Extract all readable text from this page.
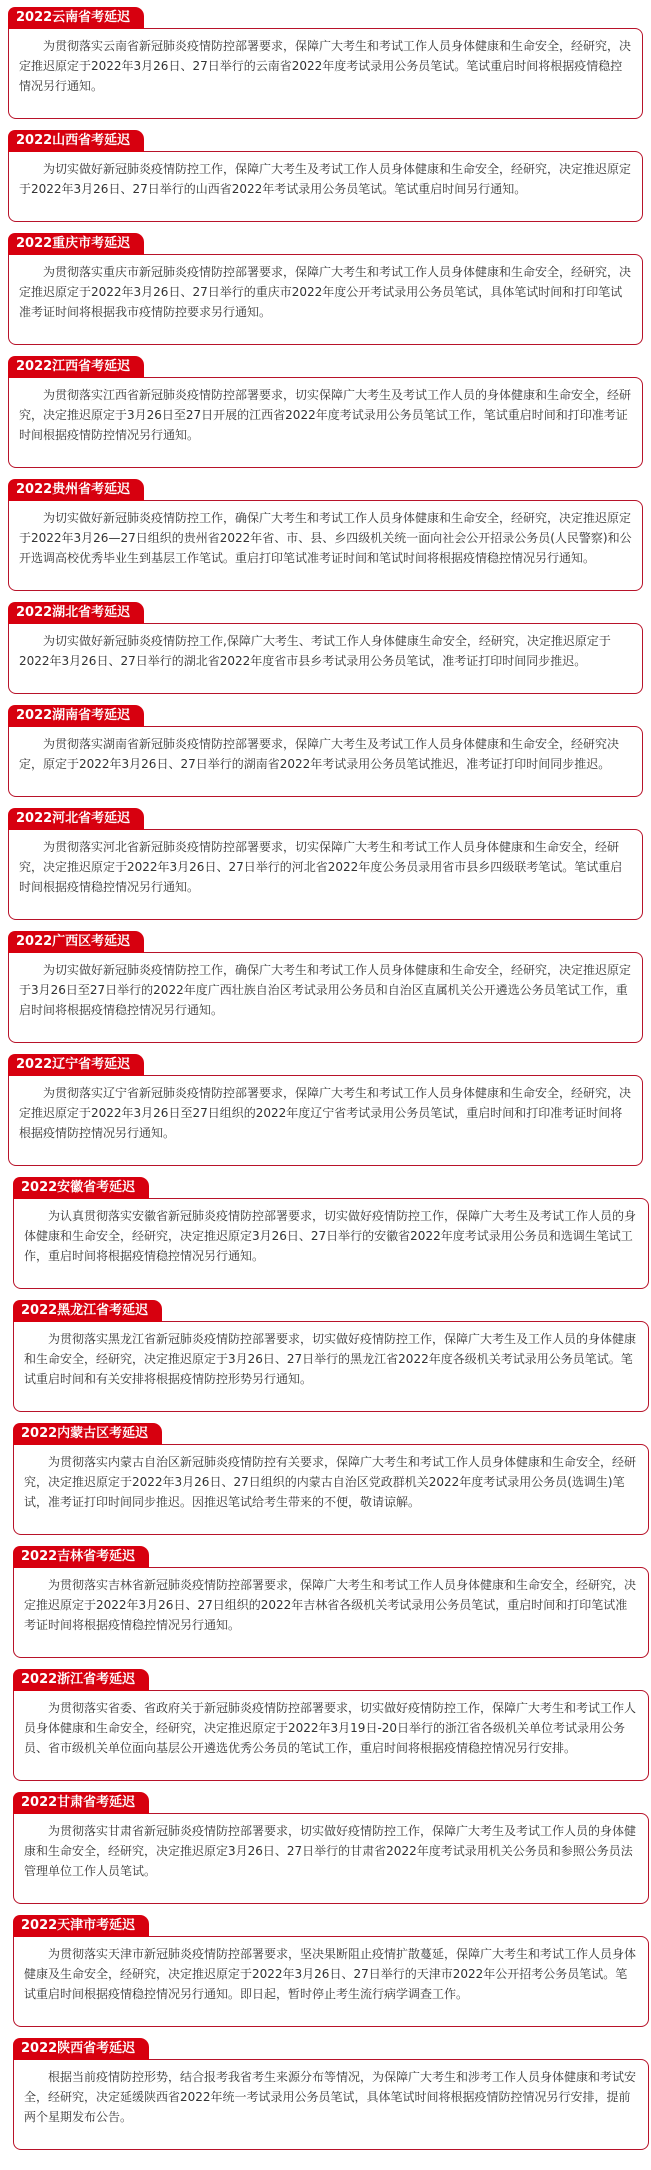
2022云南省考延迟
为贯彻落实云南省新冠肺炎疫情防控部署要求，保障广大考生和考试工作人员身体健康和生命安全，经研究，决定推迟原定于2022年3月26日、27日举行的云南省2022年度考试录用公务员笔试。笔试重启时间将根据疫情稳控情况另行通知。
2022山西省考延迟
为切实做好新冠肺炎疫情防控工作，保障广大考生及考试工作人员身体健康和生命安全，经研究，决定推迟原定于2022年3月26日、27日举行的山西省2022年考试录用公务员笔试。笔试重启时间另行通知。
2022重庆市考延迟
为贯彻落实重庆市新冠肺炎疫情防控部署要求，保障广大考生和考试工作人员身体健康和生命安全，经研究，决定推迟原定于2022年3月26日、27日举行的重庆市2022年度公开考试录用公务员笔试，具体笔试时间和打印笔试准考证时间将根据我市疫情防控要求另行通知。
2022江西省考延迟
为贯彻落实江西省新冠肺炎疫情防控部署要求，切实保障广大考生及考试工作人员的身体健康和生命安全，经研究，决定推迟原定于3月26日至27日开展的江西省2022年度考试录用公务员笔试工作，笔试重启时间和打印准考证时间根据疫情防控情况另行通知。
2022贵州省考延迟
为切实做好新冠肺炎疫情防控工作，确保广大考生和考试工作人员身体健康和生命安全，经研究，决定推迟原定于2022年3月26—27日组织的贵州省2022年省、市、县、乡四级机关统一面向社会公开招录公务员(人民警察)和公开选调高校优秀毕业生到基层工作笔试。重启打印笔试准考证时间和笔试时间将根据疫情稳控情况另行通知。
2022湖北省考延迟
为切实做好新冠肺炎疫情防控工作,保障广大考生、考试工作人身体健康生命安全，经研究，决定推迟原定于2022年3月26日、27日举行的湖北省2022年度省市县乡考试录用公务员笔试，准考证打印时间同步推迟。
2022湖南省考延迟
为贯彻落实湖南省新冠肺炎疫情防控部署要求，保障广大考生及考试工作人员身体健康和生命安全，经研究决定，原定于2022年3月26日、27日举行的湖南省2022年考试录用公务员笔试推迟，准考证打印时间同步推迟。
2022河北省考延迟
为贯彻落实河北省新冠肺炎疫情防控部署要求，切实保障广大考生和考试工作人员身体健康和生命安全，经研究，决定推迟原定于2022年3月26日、27日举行的河北省2022年度公务员录用省市县乡四级联考笔试。笔试重启时间根据疫情稳控情况另行通知。
2022广西区考延迟
为切实做好新冠肺炎疫情防控工作，确保广大考生和考试工作人员身体健康和生命安全，经研究，决定推迟原定于3月26日至27日举行的2022年度广西壮族自治区考试录用公务员和自治区直属机关公开遴选公务员笔试工作，重启时间将根据疫情稳控情况另行通知。
2022辽宁省考延迟
为贯彻落实辽宁省新冠肺炎疫情防控部署要求，保障广大考生和考试工作人员身体健康和生命安全，经研究，决定推迟原定于2022年3月26日至27日组织的2022年度辽宁省考试录用公务员笔试，重启时间和打印准考证时间将根据疫情防控情况另行通知。
2022安徽省考延迟
为认真贯彻落实安徽省新冠肺炎疫情防控部署要求，切实做好疫情防控工作，保障广大考生及考试工作人员的身体健康和生命安全，经研究，决定推迟原定3月26日、27日举行的安徽省2022年度考试录用公务员和选调生笔试工作，重启时间将根据疫情稳控情况另行通知。
2022黑龙江省考延迟
为贯彻落实黑龙江省新冠肺炎疫情防控部署要求，切实做好疫情防控工作，保障广大考生及工作人员的身体健康和生命安全，经研究，决定推迟原定于3月26日、27日举行的黑龙江省2022年度各级机关考试录用公务员笔试。笔试重启时间和有关安排将根据疫情防控形势另行通知。
2022内蒙古区考延迟
为贯彻落实内蒙古自治区新冠肺炎疫情防控有关要求，保障广大考生和考试工作人员身体健康和生命安全，经研究，决定推迟原定于2022年3月26日、27日组织的内蒙古自治区党政群机关2022年度考试录用公务员(选调生)笔试，准考证打印时间同步推迟。因推迟笔试给考生带来的不便，敬请谅解。
2022吉林省考延迟
为贯彻落实吉林省新冠肺炎疫情防控部署要求，保障广大考生和考试工作人员身体健康和生命安全，经研究，决定推迟原定于2022年3月26日、27日组织的2022年吉林省各级机关考试录用公务员笔试，重启时间和打印笔试准考证时间将根据疫情稳控情况另行通知。
2022浙江省考延迟
为贯彻落实省委、省政府关于新冠肺炎疫情防控部署要求，切实做好疫情防控工作，保障广大考生和考试工作人员身体健康和生命安全，经研究，决定推迟原定于2022年3月19日-20日举行的浙江省各级机关单位考试录用公务员、省市级机关单位面向基层公开遴选优秀公务员的笔试工作，重启时间将根据疫情稳控情况另行安排。
2022甘肃省考延迟
为贯彻落实甘肃省新冠肺炎疫情防控部署要求，切实做好疫情防控工作，保障广大考生及考试工作人员的身体健康和生命安全，经研究，决定推迟原定3月26日、27日举行的甘肃省2022年度考试录用机关公务员和参照公务员法管理单位工作人员笔试。
2022天津市考延迟
为贯彻落实天津市新冠肺炎疫情防控部署要求，坚决果断阻止疫情扩散蔓延，保障广大考生和考试工作人员身体健康及生命安全，经研究，决定推迟原定于2022年3月26日、27日举行的天津市2022年公开招考公务员笔试。笔试重启时间根据疫情稳控情况另行通知。即日起，暂时停止考生流行病学调查工作。
2022陕西省考延迟
根据当前疫情防控形势，结合报考我省考生来源分布等情况，为保障广大考生和涉考工作人员身体健康和考试安全，经研究，决定延缓陕西省2022年统一考试录用公务员笔试，具体笔试时间将根据疫情防控情况另行安排，提前两个星期发布公告。
